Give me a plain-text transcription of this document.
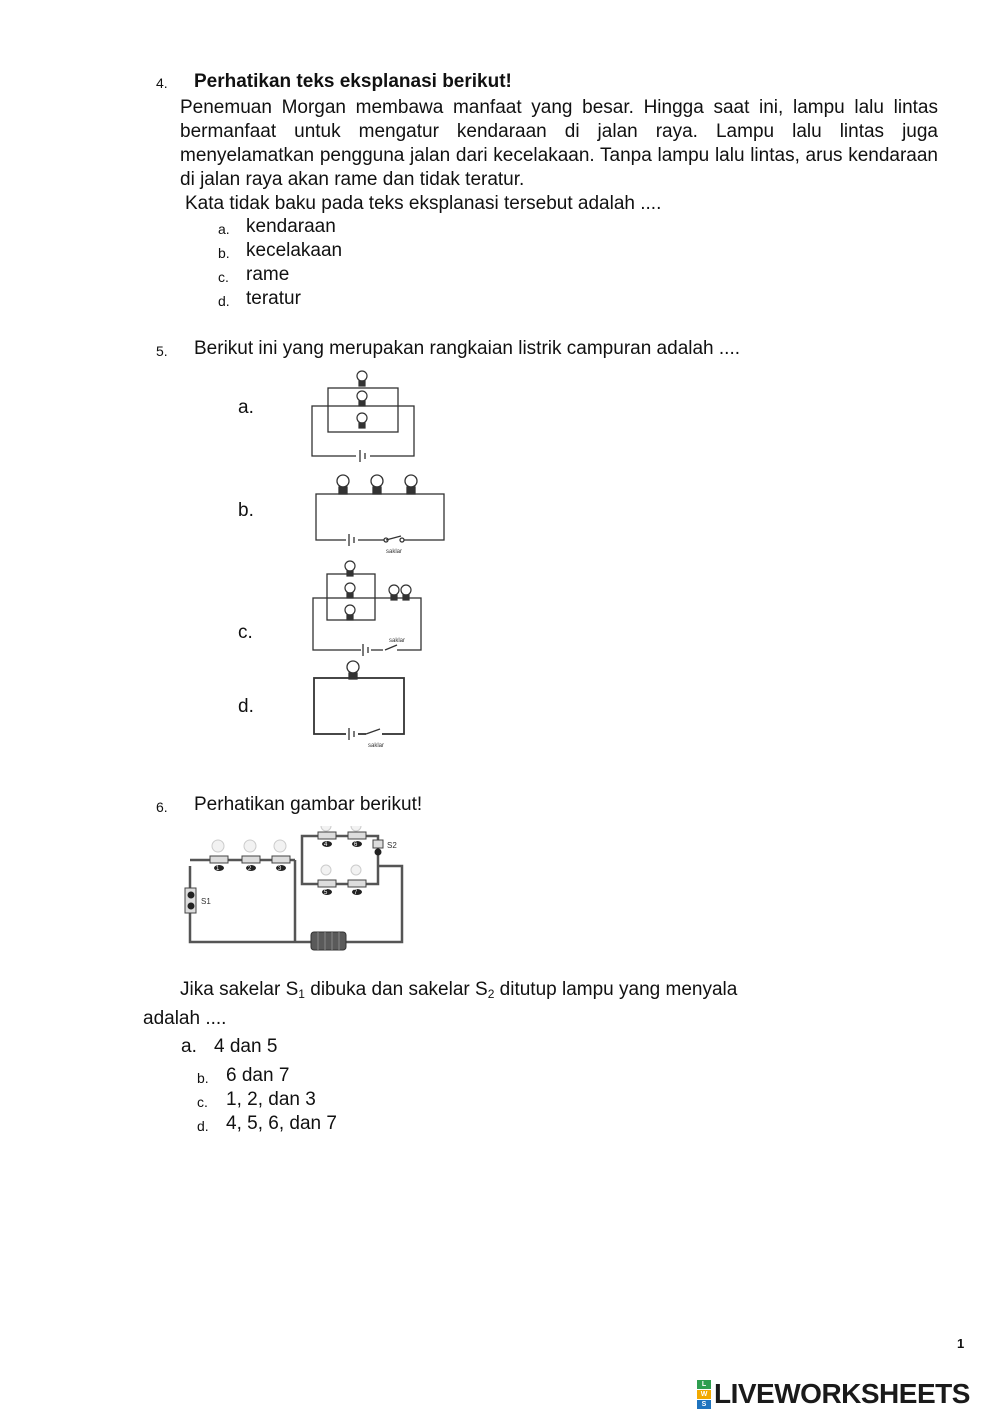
4. Perhatikan teks eksplanasi berikut!
Penemuan Morgan membawa manfaat yang besar. Hingga saat ini, lampu lalu lintas bermanfaat untuk mengatur kendaraan di jalan raya. Lampu lalu lintas juga menyelamatkan pengguna jalan dari kecelakaan. Tanpa lampu lalu lintas, arus kendaraan di jalan raya akan rame dan tidak teratur.
Kata tidak baku pada teks eksplanasi tersebut adalah ....
a. kendaraan
b. kecelakaan
c. rame
d. teratur
5. Berikut ini yang merupakan rangkaian listrik campuran adalah ....
a.
b.
c.
d.
saklar
saklar
saklar
6. Perhatikan gambar berikut!
1	2	3
4	6
5	7
S2
S1
Jika sakelar $S_1$ dibuka dan sakelar $S_2$ ditutup lampu yang menyala
adalah ....
a. 4 dan 5
b. 6 dan 7
c. 1, 2, dan 3
d. 4, 5, 6, dan 7
1
L
W
S LIVEWORKSHEETS
